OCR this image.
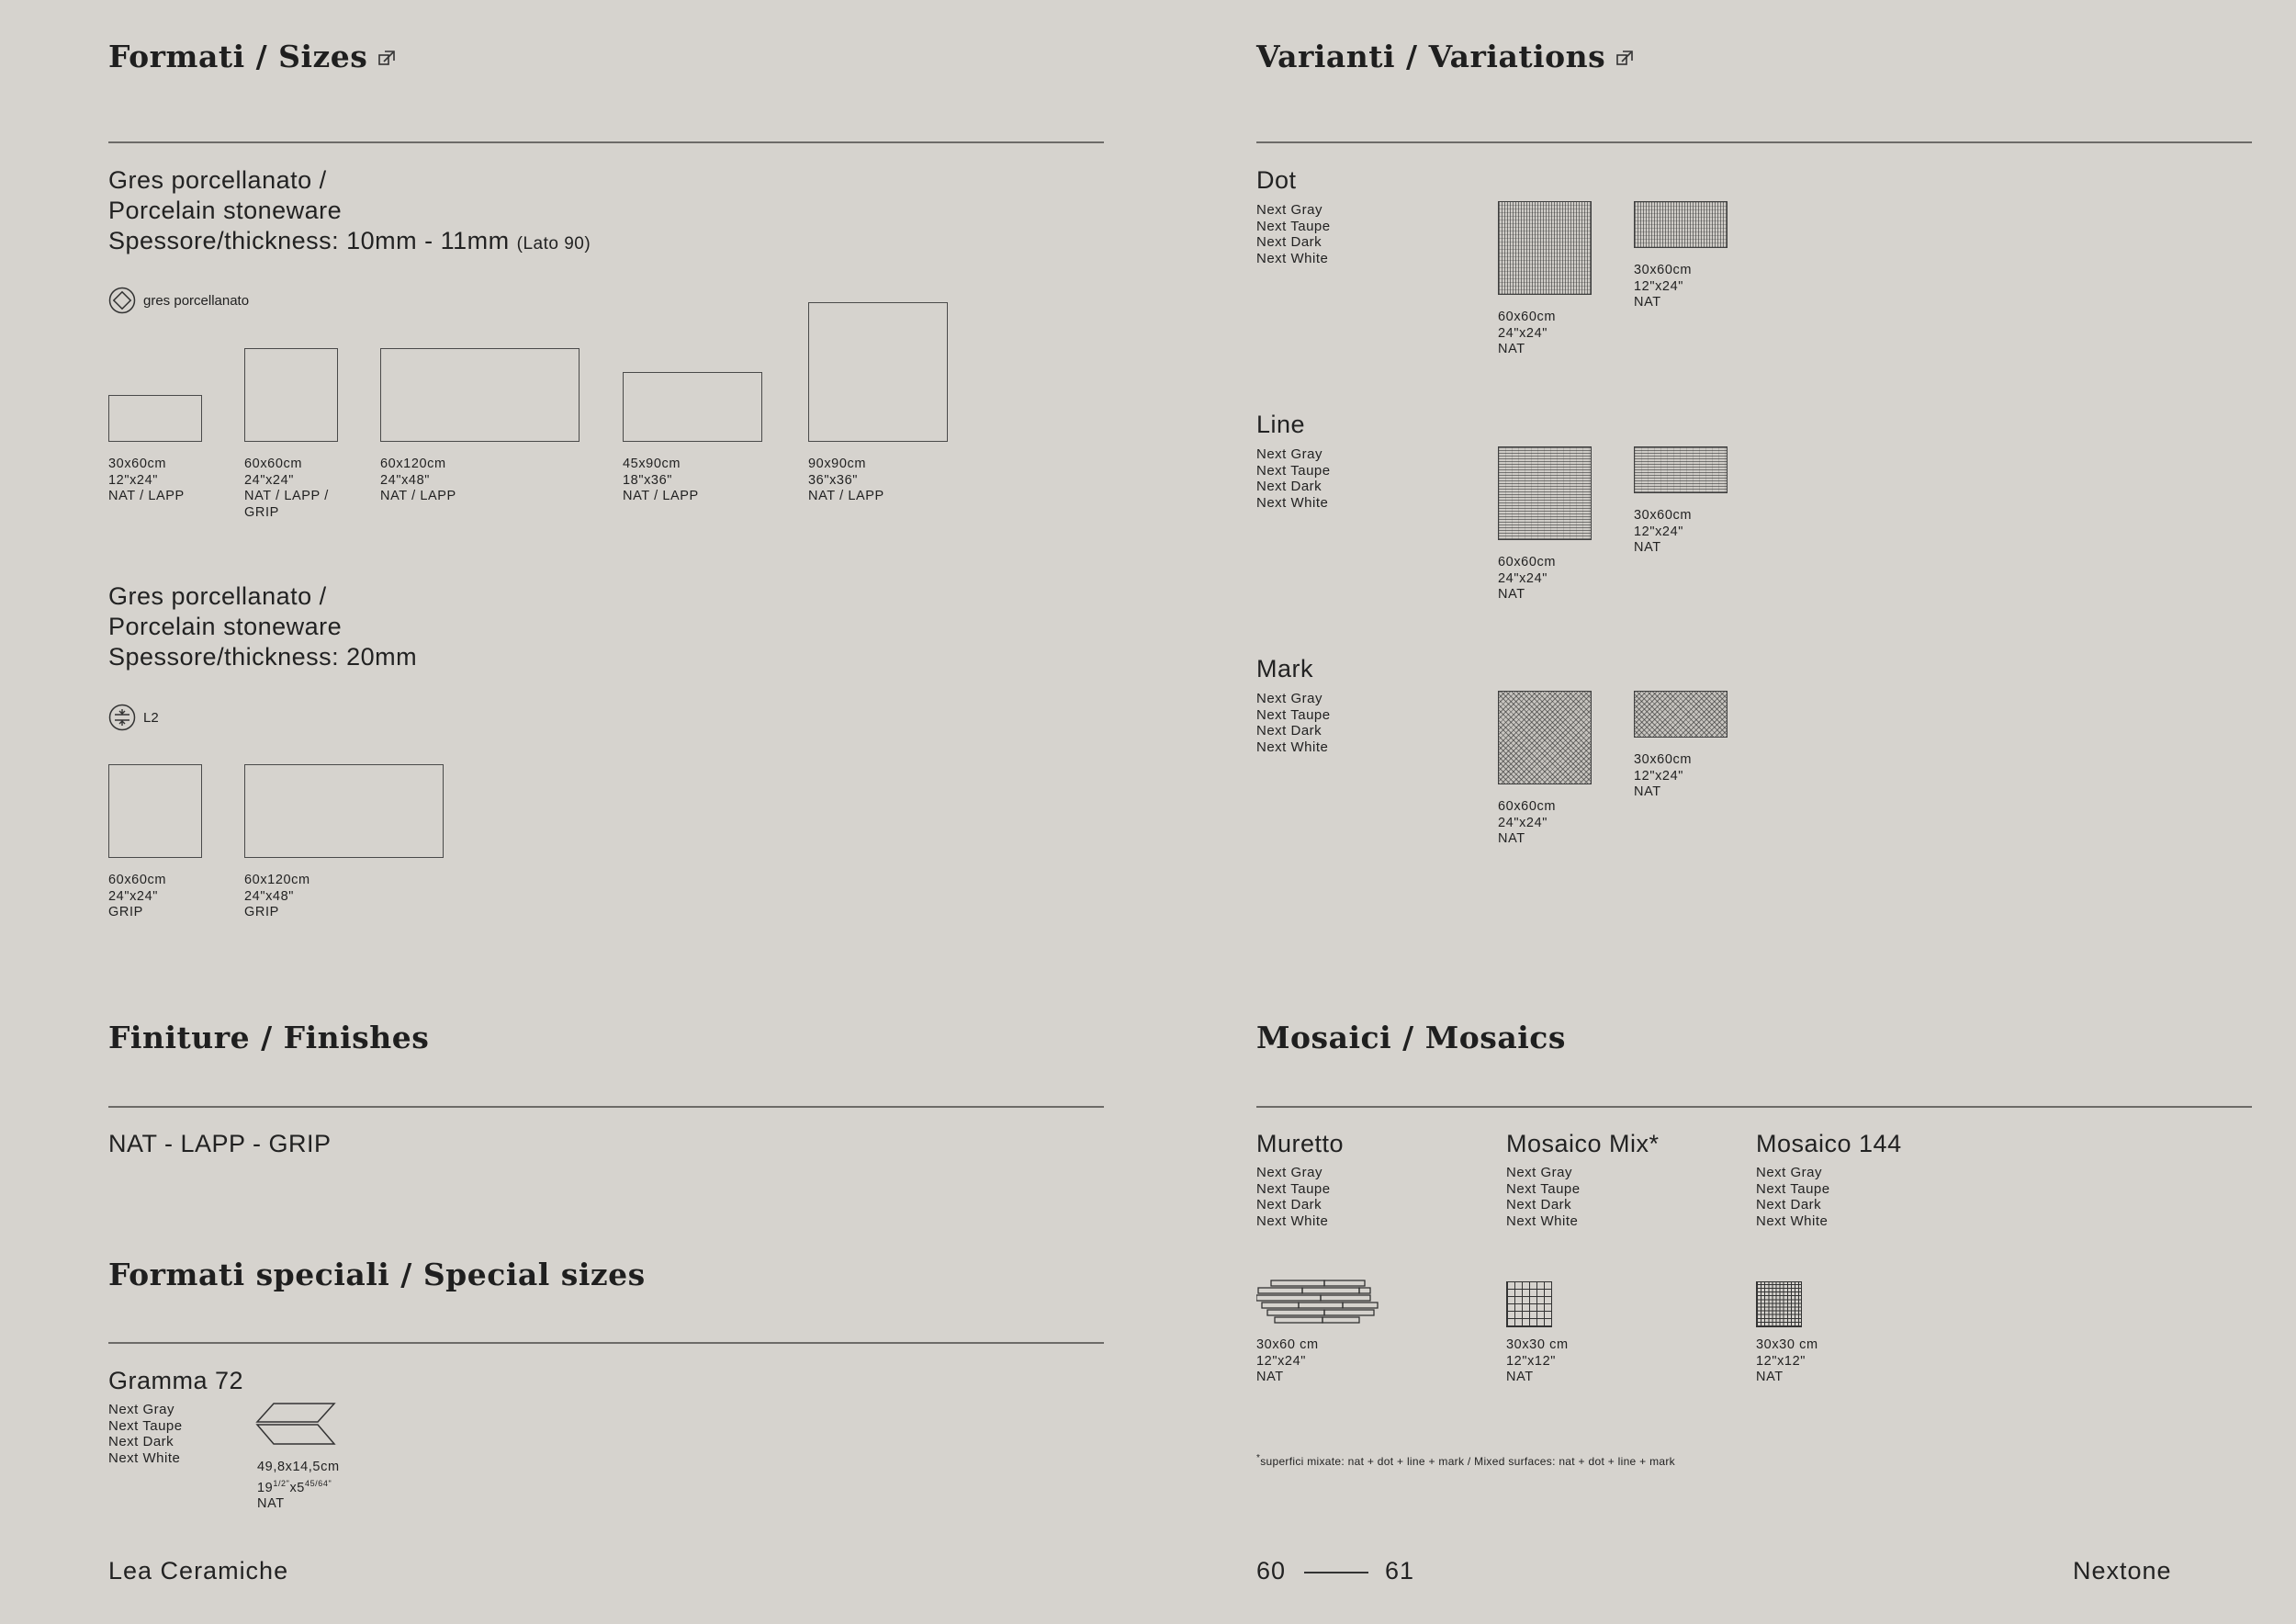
Formati / Sizes
Gres porcellanato /
Porcelain stoneware
Spessore/thickness: 10mm - 11mm (Lato 90)
gres porcellanato
30x60cm
12"x24"
NAT / LAPP
60x60cm
24"x24"
NAT / LAPP /
GRIP
60x120cm
24"x48"
NAT / LAPP
45x90cm
18"x36"
NAT / LAPP
90x90cm
36"x36"
NAT / LAPP
Gres porcellanato /
Porcelain stoneware
Spessore/thickness: 20mm
L2
60x60cm
24"x24"
GRIP
60x120cm
24"x48"
GRIP
Finiture / Finishes
NAT - LAPP - GRIP
Formati speciali / Special sizes
Gramma 72
Next Gray
Next Taupe
Next Dark
Next White
49,8x14,5cm
$19^{1/2"}x5^{45/64"}$
NAT
Varianti / Variations
Dot
Next Gray
Next Taupe
Next Dark
Next White
60x60cm
24"x24"
NAT
30x60cm
12"x24"
NAT
Line
Next Gray
Next Taupe
Next Dark
Next White
60x60cm
24"x24"
NAT
30x60cm
12"x24"
NAT
Mark
Next Gray
Next Taupe
Next Dark
Next White
60x60cm
24"x24"
NAT
30x60cm
12"x24"
NAT
Mosaici / Mosaics
Muretto
Next Gray
Next Taupe
Next Dark
Next White
30x60 cm
12"x24"
NAT
Mosaico Mix*
Next Gray
Next Taupe
Next Dark
Next White
30x30 cm
12"x12"
NAT
Mosaico 144
Next Gray
Next Taupe
Next Dark
Next White
30x30 cm
12"x12"
NAT
*superfici mixate: nat + dot + line + mark / Mixed surfaces: nat + dot + line + mark
Lea Ceramiche	60	61	Nextone
